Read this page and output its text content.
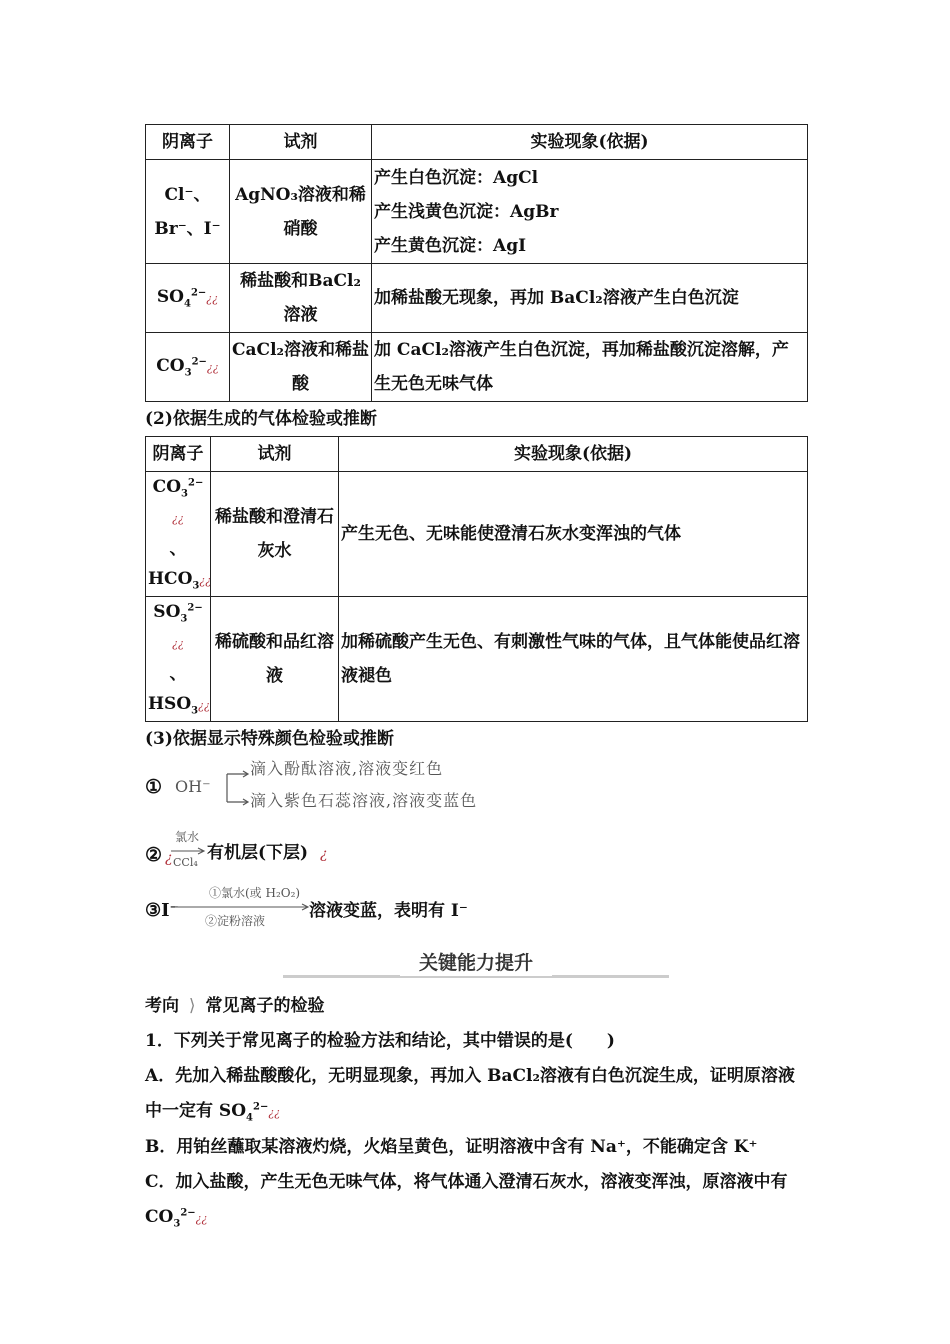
阴离子	试剂	实验现象(依据)
Cl⁻、Br⁻、I⁻	AgNO₃溶液和稀硝酸	产生白色沉淀：AgCl
产生浅黄色沉淀：AgBr
产生黄色沉淀：AgI

$SO_4^{2-}¿¿$	稀盐酸和BaCl₂溶液	加稀盐酸无现象，再加 BaCl₂溶液产生白色沉淀
$CO_3^{2-}¿¿$	CaCl₂溶液和稀盐酸	加 CaCl₂溶液产生白色沉淀，再加稀盐酸沉淀溶解，产生无色无味气体
(2)依据生成的气体检验或推断
阴离子	试剂	实验现象(依据)

$CO_3^{2-}¿¿$
、
$HCO_3¿¿$	稀盐酸和澄清石灰水	产生无色、无味能使澄清石灰水变浑浊的气体

$SO_3^{2-}¿¿$
、
$HSO_3¿¿$	稀硫酸和品红溶液	加稀硫酸产生无色、有刺激性气味的气体，且气体能使品红溶液褪色
(3)依据显示特殊颜色检验或推断
① OH⁻
滴入酚酞溶液,溶液变红色
滴入紫色石蕊溶液,溶液变蓝色
② ¿
氯水
CCl₄ 有机层(下层) ¿
③I⁻
①氯水(或 H₂O₂)
②淀粉溶液	溶液变蓝，表明有 I⁻
关键能力提升
考向 ⟩ 常见离子的检验
1．下列关于常见离子的检验方法和结论，其中错误的是(　　)
A．先加入稀盐酸酸化，无明显现象，再加入 BaCl₂溶液有白色沉淀生成，证明原溶液中一定有 $SO_4^{2-}¿¿$
B．用铂丝蘸取某溶液灼烧，火焰呈黄色，证明溶液中含有 Na⁺，不能确定含 K⁺
C．加入盐酸，产生无色无味气体，将气体通入澄清石灰水，溶液变浑浊，原溶液中有 $CO_3^{2-}¿¿$
